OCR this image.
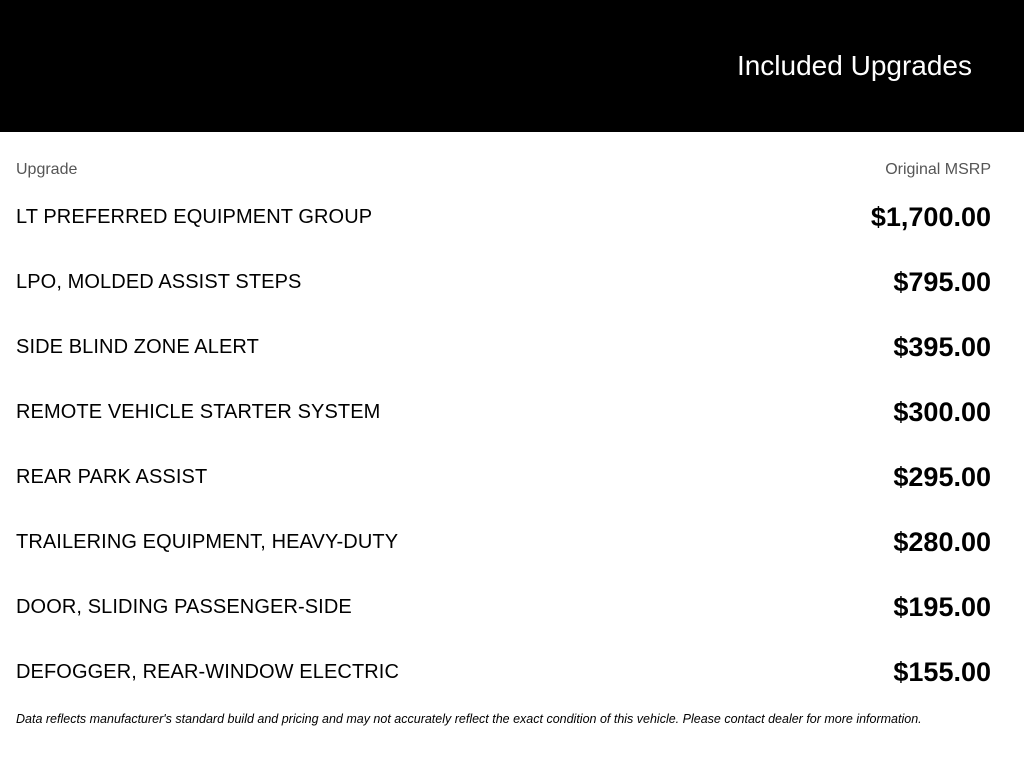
Included Upgrades
Upgrade	Original MSRP
LT PREFERRED EQUIPMENT GROUP	$1,700.00
LPO, MOLDED ASSIST STEPS	$795.00
SIDE BLIND ZONE ALERT	$395.00
REMOTE VEHICLE STARTER SYSTEM	$300.00
REAR PARK ASSIST	$295.00
TRAILERING EQUIPMENT, HEAVY-DUTY	$280.00
DOOR, SLIDING PASSENGER-SIDE	$195.00
DEFOGGER, REAR-WINDOW ELECTRIC	$155.00
Data reflects manufacturer's standard build and pricing and may not accurately reflect the exact condition of this vehicle. Please contact dealer for more information.
